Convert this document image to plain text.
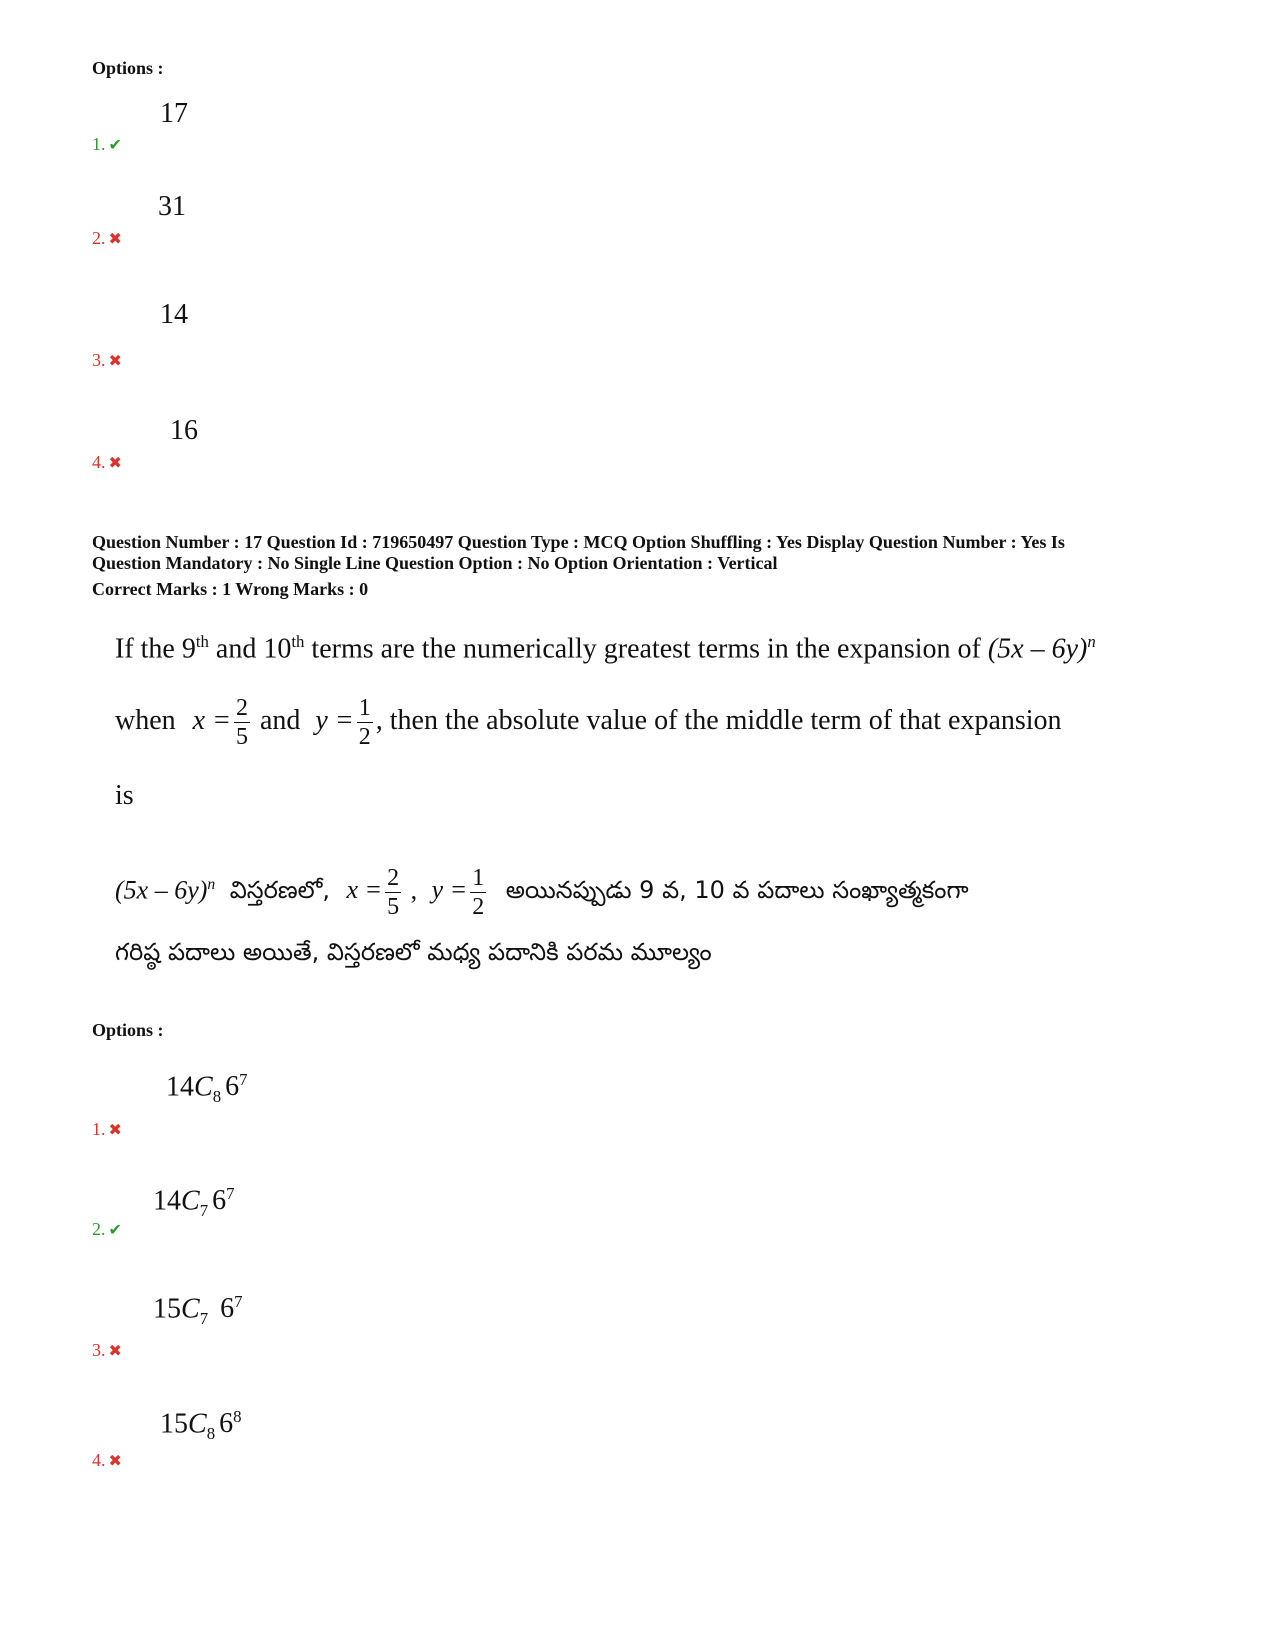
Options :
17
1. ✔
31
2. ✖
14
3. ✖
16
4. ✖
Question Number : 17 Question Id : 719650497 Question Type : MCQ Option Shuffling : Yes Display Question Number : Yes Is
Question Mandatory : No Single Line Question Option : No Option Orientation : Vertical
Correct Marks : 1 Wrong Marks : 0
If the 9th and 10th terms are the numerically greatest terms in the expansion of (5x – 6y)$^n$
when $x = \frac{2}{5}$ and $y = \frac{1}{2}$ , then the absolute value of the middle term of that expansion
is
(5x – 6y)$^n$ విస్తరణలో, $x = \frac{2}{5}$ , $y = \frac{1}{2}$ అయినప్పుడు 9 వ, 10 వ పదాలు సంఖ్యాత్మకంగా
గరిష్ఠ పదాలు అయితే, విస్తరణలో మధ్య పదానికి పరమ మూల్యం
Options :
$14C_8$ $6^7$
1. ✖
$14C_7$ $6^7$
2. ✔
$15C_7$ $6^7$
3. ✖
$15C_8$ $6^8$
4. ✖
